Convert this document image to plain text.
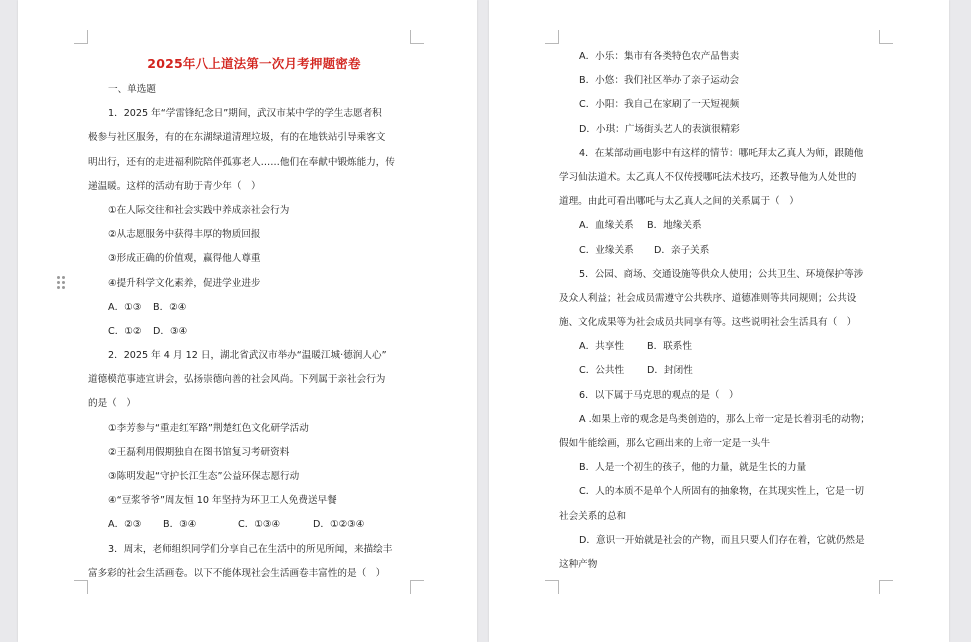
2025年八上道法第一次月考押题密卷
一、单选题
1．2025 年“学雷锋纪念日”期间，武汉市某中学的学生志愿者积
极参与社区服务，有的在东湖绿道清理垃圾，有的在地铁站引导乘客文
明出行，还有的走进福利院陪伴孤寡老人……他们在奉献中锻炼能力，传
递温暖。这样的活动有助于青少年（　）
①在人际交往和社会实践中养成亲社会行为
②从志愿服务中获得丰厚的物质回报
③形成正确的价值观，赢得他人尊重
④提升科学文化素养，促进学业进步
A．①③	B．②④
C．①②	D．③④
2．2025 年 4 月 12 日，湖北省武汉市举办“温暖江城·德润人心”
道德模范事迹宣讲会，弘扬崇德向善的社会风尚。下列属于亲社会行为
的是（　）
①李芳参与“重走红军路”荆楚红色文化研学活动
②王磊利用假期独自在图书馆复习考研资料
③陈明发起“守护长江生态”公益环保志愿行动
④“豆浆爷爷”周友恒 10 年坚持为环卫工人免费送早餐
A．②③	B．③④	C．①③④	D．①②③④
3．周末，老师组织同学们分享自己在生活中的所见所闻，来描绘丰
富多彩的社会生活画卷。以下不能体现社会生活画卷丰富性的是（　）
A．小乐：集市有各类特色农产品售卖
B．小悠：我们社区举办了亲子运动会
C．小阳：我自己在家刷了一天短视频
D．小琪：广场街头艺人的表演很精彩
4．在某部动画电影中有这样的情节：哪吒拜太乙真人为师，跟随他
学习仙法道术。太乙真人不仅传授哪吒法术技巧，还教导他为人处世的
道理。由此可看出哪吒与太乙真人之间的关系属于（　）
A．血缘关系	B．地缘关系
C．业缘关系	D．亲子关系
5．公园、商场、交通设施等供众人使用；公共卫生、环境保护等涉
及众人利益；社会成员需遵守公共秩序、道德准则等共同规则；公共设
施、文化成果等为社会成员共同享有等。这些说明社会生活具有（　）
A．共享性	B．联系性
C．公共性	D．封闭性
6．以下属于马克思的观点的是（　）
A .如果上帝的观念是鸟类创造的，那么上帝一定是长着羽毛的动物；
假如牛能绘画，那么它画出来的上帝一定是一头牛
B．人是一个初生的孩子，他的力量，就是生长的力量
C．人的本质不是单个人所固有的抽象物，在其现实性上，它是一切
社会关系的总和
D．意识一开始就是社会的产物，而且只要人们存在着，它就仍然是
这种产物
